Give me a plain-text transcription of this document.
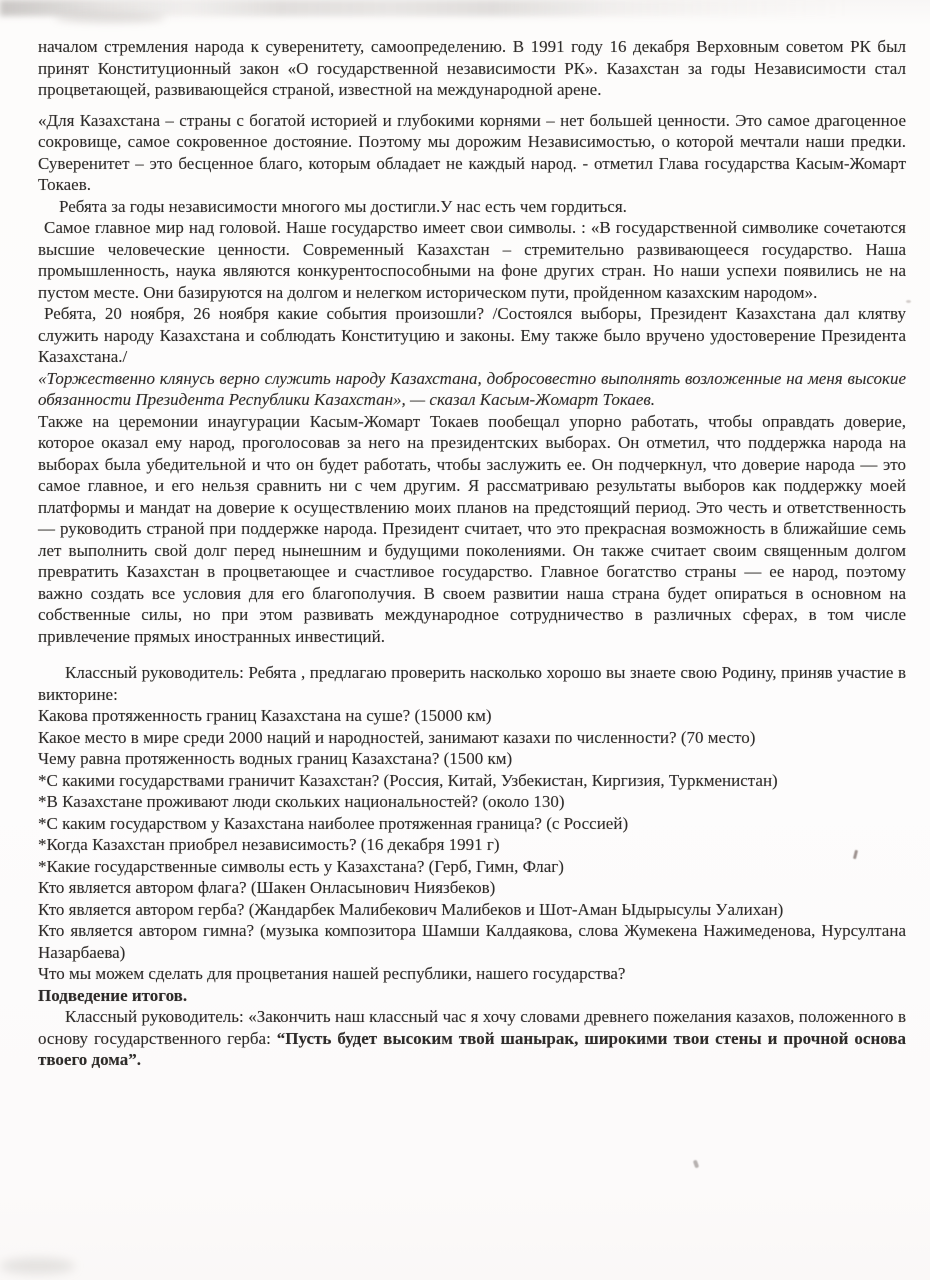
началом стремления народа к суверенитету, самоопределению. В 1991 году 16 декабря Верховным советом РК был принят Конституционный закон «О государственной независимости РК». Казахстан за годы Независимости стал процветающей, развивающейся страной, известной на международной арене.

«Для Казахстана – страны с богатой историей и глубокими корнями – нет большей ценности. Это самое драгоценное сокровище, самое сокровенное достояние. Поэтому мы дорожим Независимостью, о которой мечтали наши предки. Суверенитет – это бесценное благо, которым обладает не каждый народ. - отметил Глава государства Касым-Жомарт Токаев.

Ребята за годы независимости многого мы достигли.У нас есть чем гордиться.

Самое главное мир над головой. Наше государство имеет свои символы. : «В государственной символике сочетаются высшие человеческие ценности. Современный Казахстан – стремительно развивающееся государство. Наша промышленность, наука являются конкурентоспособными на фоне других стран. Но наши успехи появились не на пустом месте. Они базируются на долгом и нелегком историческом пути, пройденном казахским народом».

Ребята, 20 ноября, 26 ноября какие события произошли? /Состоялся выборы, Президент Казахстана дал клятву служить народу Казахстана и соблюдать Конституцию и законы. Ему также было вручено удостоверение Президента Казахстана./

«Торжественно клянусь верно служить народу Казахстана, добросовестно выполнять возложенные на меня высокие обязанности Президента Республики Казахстан», — сказал Касым-Жомарт Токаев.

Также на церемонии инаугурации Касым-Жомарт Токаев пообещал упорно работать, чтобы оправдать доверие, которое оказал ему народ, проголосовав за него на президентских выборах. Он отметил, что поддержка народа на выборах была убедительной и что он будет работать, чтобы заслужить ее. Он подчеркнул, что доверие народа — это самое главное, и его нельзя сравнить ни с чем другим. Я рассматриваю результаты выборов как поддержку моей платформы и мандат на доверие к осуществлению моих планов на предстоящий период. Это честь и ответственность — руководить страной при поддержке народа. Президент считает, что это прекрасная возможность в ближайшие семь лет выполнить свой долг перед нынешним и будущими поколениями. Он также считает своим священным долгом превратить Казахстан в процветающее и счастливое государство. Главное богатство страны — ее народ, поэтому важно создать все условия для его благополучия. В своем развитии наша страна будет опираться в основном на собственные силы, но при этом развивать международное сотрудничество в различных сферах, в том числе привлечение прямых иностранных инвестиций.

Классный руководитель: Ребята , предлагаю проверить насколько хорошо вы знаете свою Родину, приняв участие в викторине:

Какова протяженность границ Казахстана на суше? (15000 км)

Какое место в мире среди 2000 наций и народностей, занимают казахи по численности? (70 место)

Чему равна протяженность водных границ Казахстана? (1500 км)

*С какими государствами граничит Казахстан? (Россия, Китай, Узбекистан, Киргизия, Туркменистан)

*В Казахстане проживают люди скольких национальностей? (около 130)

*С каким государством у Казахстана наиболее протяженная граница? (с Россией)

*Когда Казахстан приобрел независимость? (16 декабря 1991 г)

*Какие государственные символы есть у Казахстана? (Герб, Гимн, Флаг)

Кто является автором флага? (Шакен Онласынович Ниязбеков)

Кто является автором герба? (Жандарбек Малибекович Малибеков и Шот-Аман Ыдырысулы Уалихан)

Кто является автором гимна? (музыка композитора Шамши Калдаякова, слова Жумекена Нажимеденова, Нурсултана Назарбаева)

Что мы можем сделать для процветания нашей республики, нашего государства?

Подведение итогов.

Классный руководитель: «Закончить наш классный час я хочу словами древнего пожелания казахов, положенного в основу государственного герба: “Пусть будет высоким твой шанырак, широкими твои стены и прочной основа твоего дома”.
